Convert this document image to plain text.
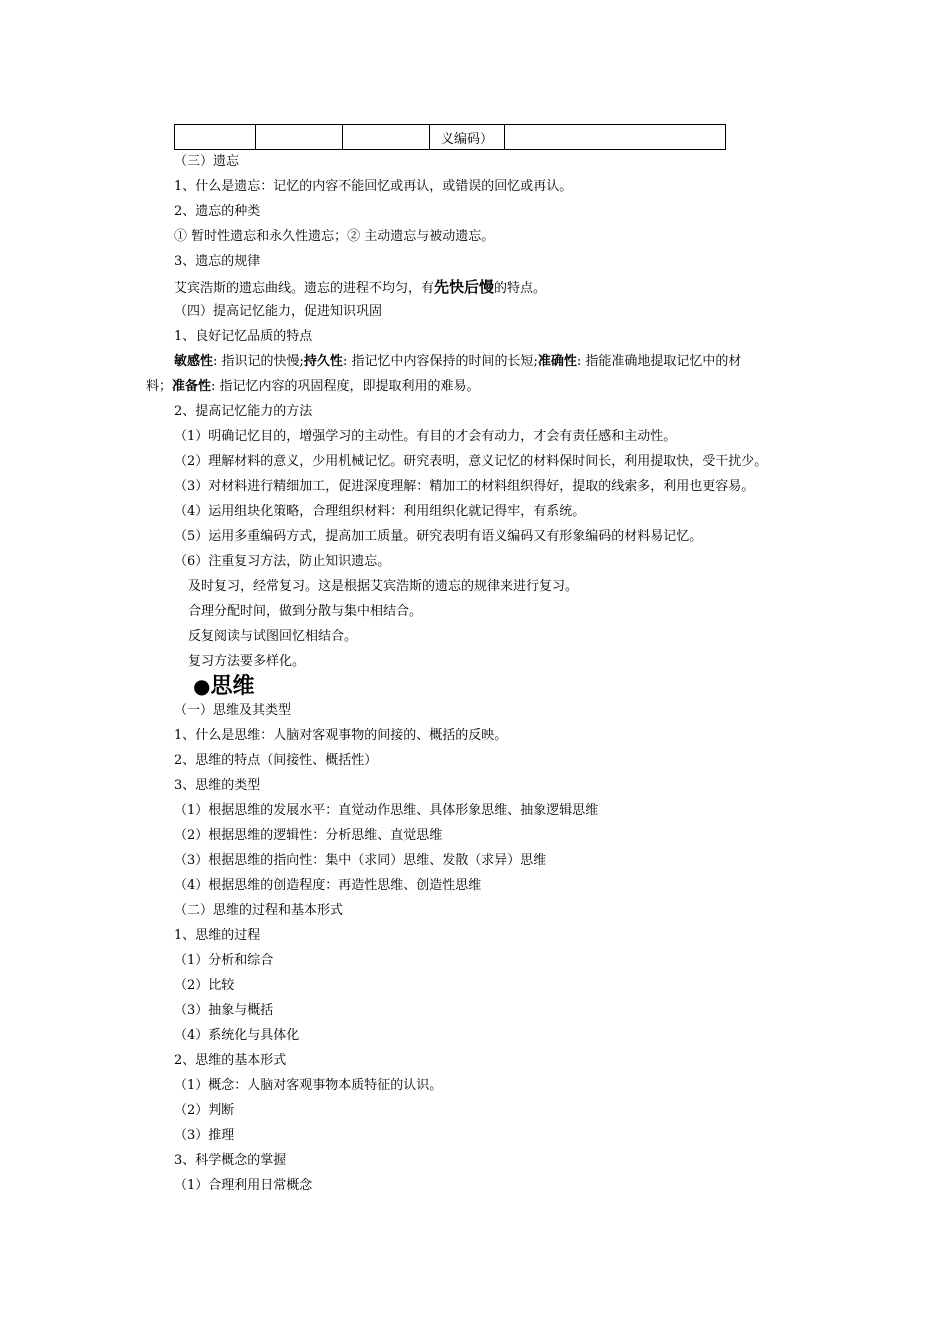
			义编码）	
（三）遗忘
1、什么是遗忘：记忆的内容不能回忆或再认，或错误的回忆或再认。
2、遗忘的种类
① 暂时性遗忘和永久性遗忘；② 主动遗忘与被动遗忘。
3、遗忘的规律
艾宾浩斯的遗忘曲线。遗忘的进程不均匀，有先快后慢的特点。
（四）提高记忆能力，促进知识巩固
1、良好记忆品质的特点
敏感性: 指识记的快慢;持久性: 指记忆中内容保持的时间的长短;准确性: 指能准确地提取记忆中的材
料；准备性: 指记忆内容的巩固程度，即提取利用的难易。
2、提高记忆能力的方法
（1）明确记忆目的，增强学习的主动性。有目的才会有动力，才会有责任感和主动性。
（2）理解材料的意义，少用机械记忆。研究表明，意义记忆的材料保时间长，利用提取快，受干扰少。
（3）对材料进行精细加工，促进深度理解：精加工的材料组织得好，提取的线索多，利用也更容易。
（4）运用组块化策略，合理组织材料：利用组织化就记得牢，有系统。
（5）运用多重编码方式，提高加工质量。研究表明有语义编码又有形象编码的材料易记忆。
（6）注重复习方法，防止知识遗忘。
及时复习，经常复习。这是根据艾宾浩斯的遗忘的规律来进行复习。
合理分配时间，做到分散与集中相结合。
反复阅读与试图回忆相结合。
复习方法要多样化。
●思维
（一）思维及其类型
1、什么是思维：人脑对客观事物的间接的、概括的反映。
2、思维的特点（间接性、概括性）
3、思维的类型
（1）根据思维的发展水平：直觉动作思维、具体形象思维、抽象逻辑思维
（2）根据思维的逻辑性：分析思维、直觉思维
（3）根据思维的指向性：集中（求同）思维、发散（求异）思维
（4）根据思维的创造程度：再造性思维、创造性思维
（二）思维的过程和基本形式
1、思维的过程
（1）分析和综合
（2）比较
（3）抽象与概括
（4）系统化与具体化
2、思维的基本形式
（1）概念：人脑对客观事物本质特征的认识。
（2）判断
（3）推理
3、科学概念的掌握
（1）合理利用日常概念
